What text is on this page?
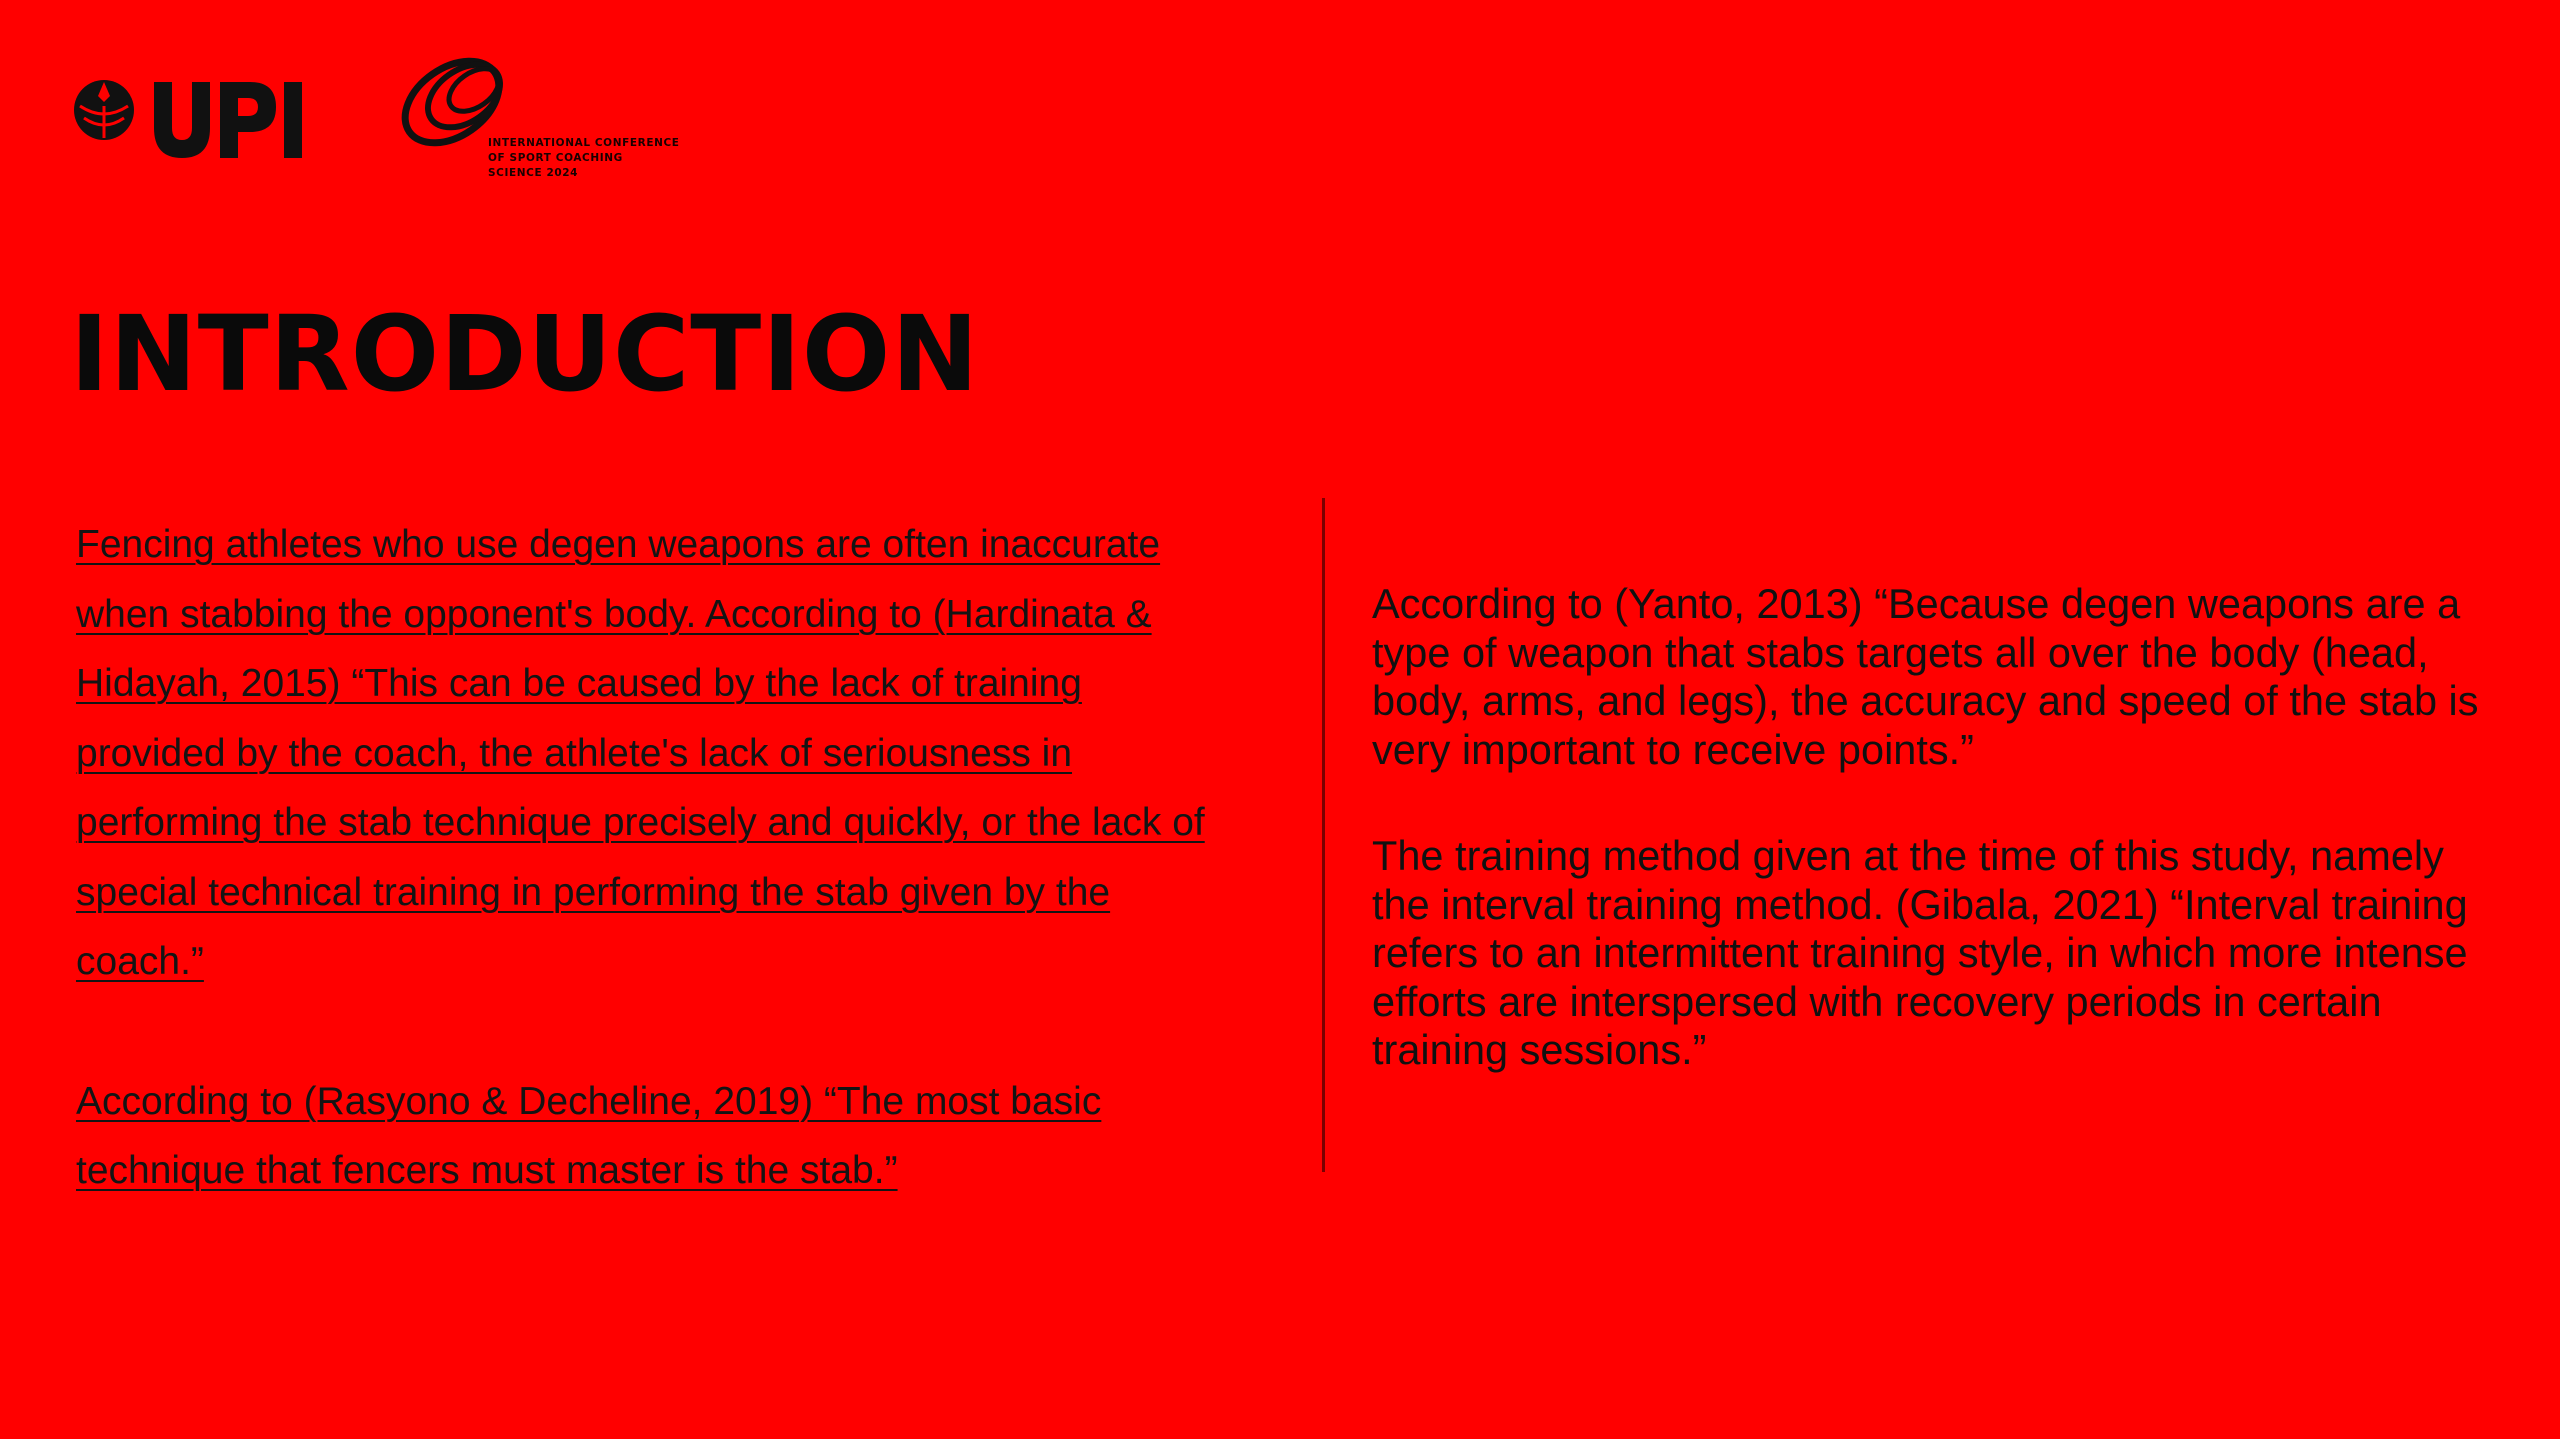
INTERNATIONAL CONFERENCE
OF SPORT COACHING
SCIENCE 2024
INTRODUCTION

Fencing athletes who use degen weapons are often inaccurate when stabbing the opponent's body. According to (Hardinata & Hidayah, 2015) “This can be caused by the lack of training provided by the coach, the athlete's lack of seriousness in performing the stab technique precisely and quickly, or the lack of special technical training in performing the stab given by the coach.”

According to (Rasyono & Decheline, 2019) “The most basic technique that fencers must master is the stab.”

According to (Yanto, 2013) “Because degen weapons are a type of weapon that stabs targets all over the body (head, body, arms, and legs), the accuracy and speed of the stab is very important to receive points.”

The training method given at the time of this study, namely the interval training method. (Gibala, 2021) “Interval training refers to an intermittent training style, in which more intense efforts are interspersed with recovery periods in certain training sessions.”
